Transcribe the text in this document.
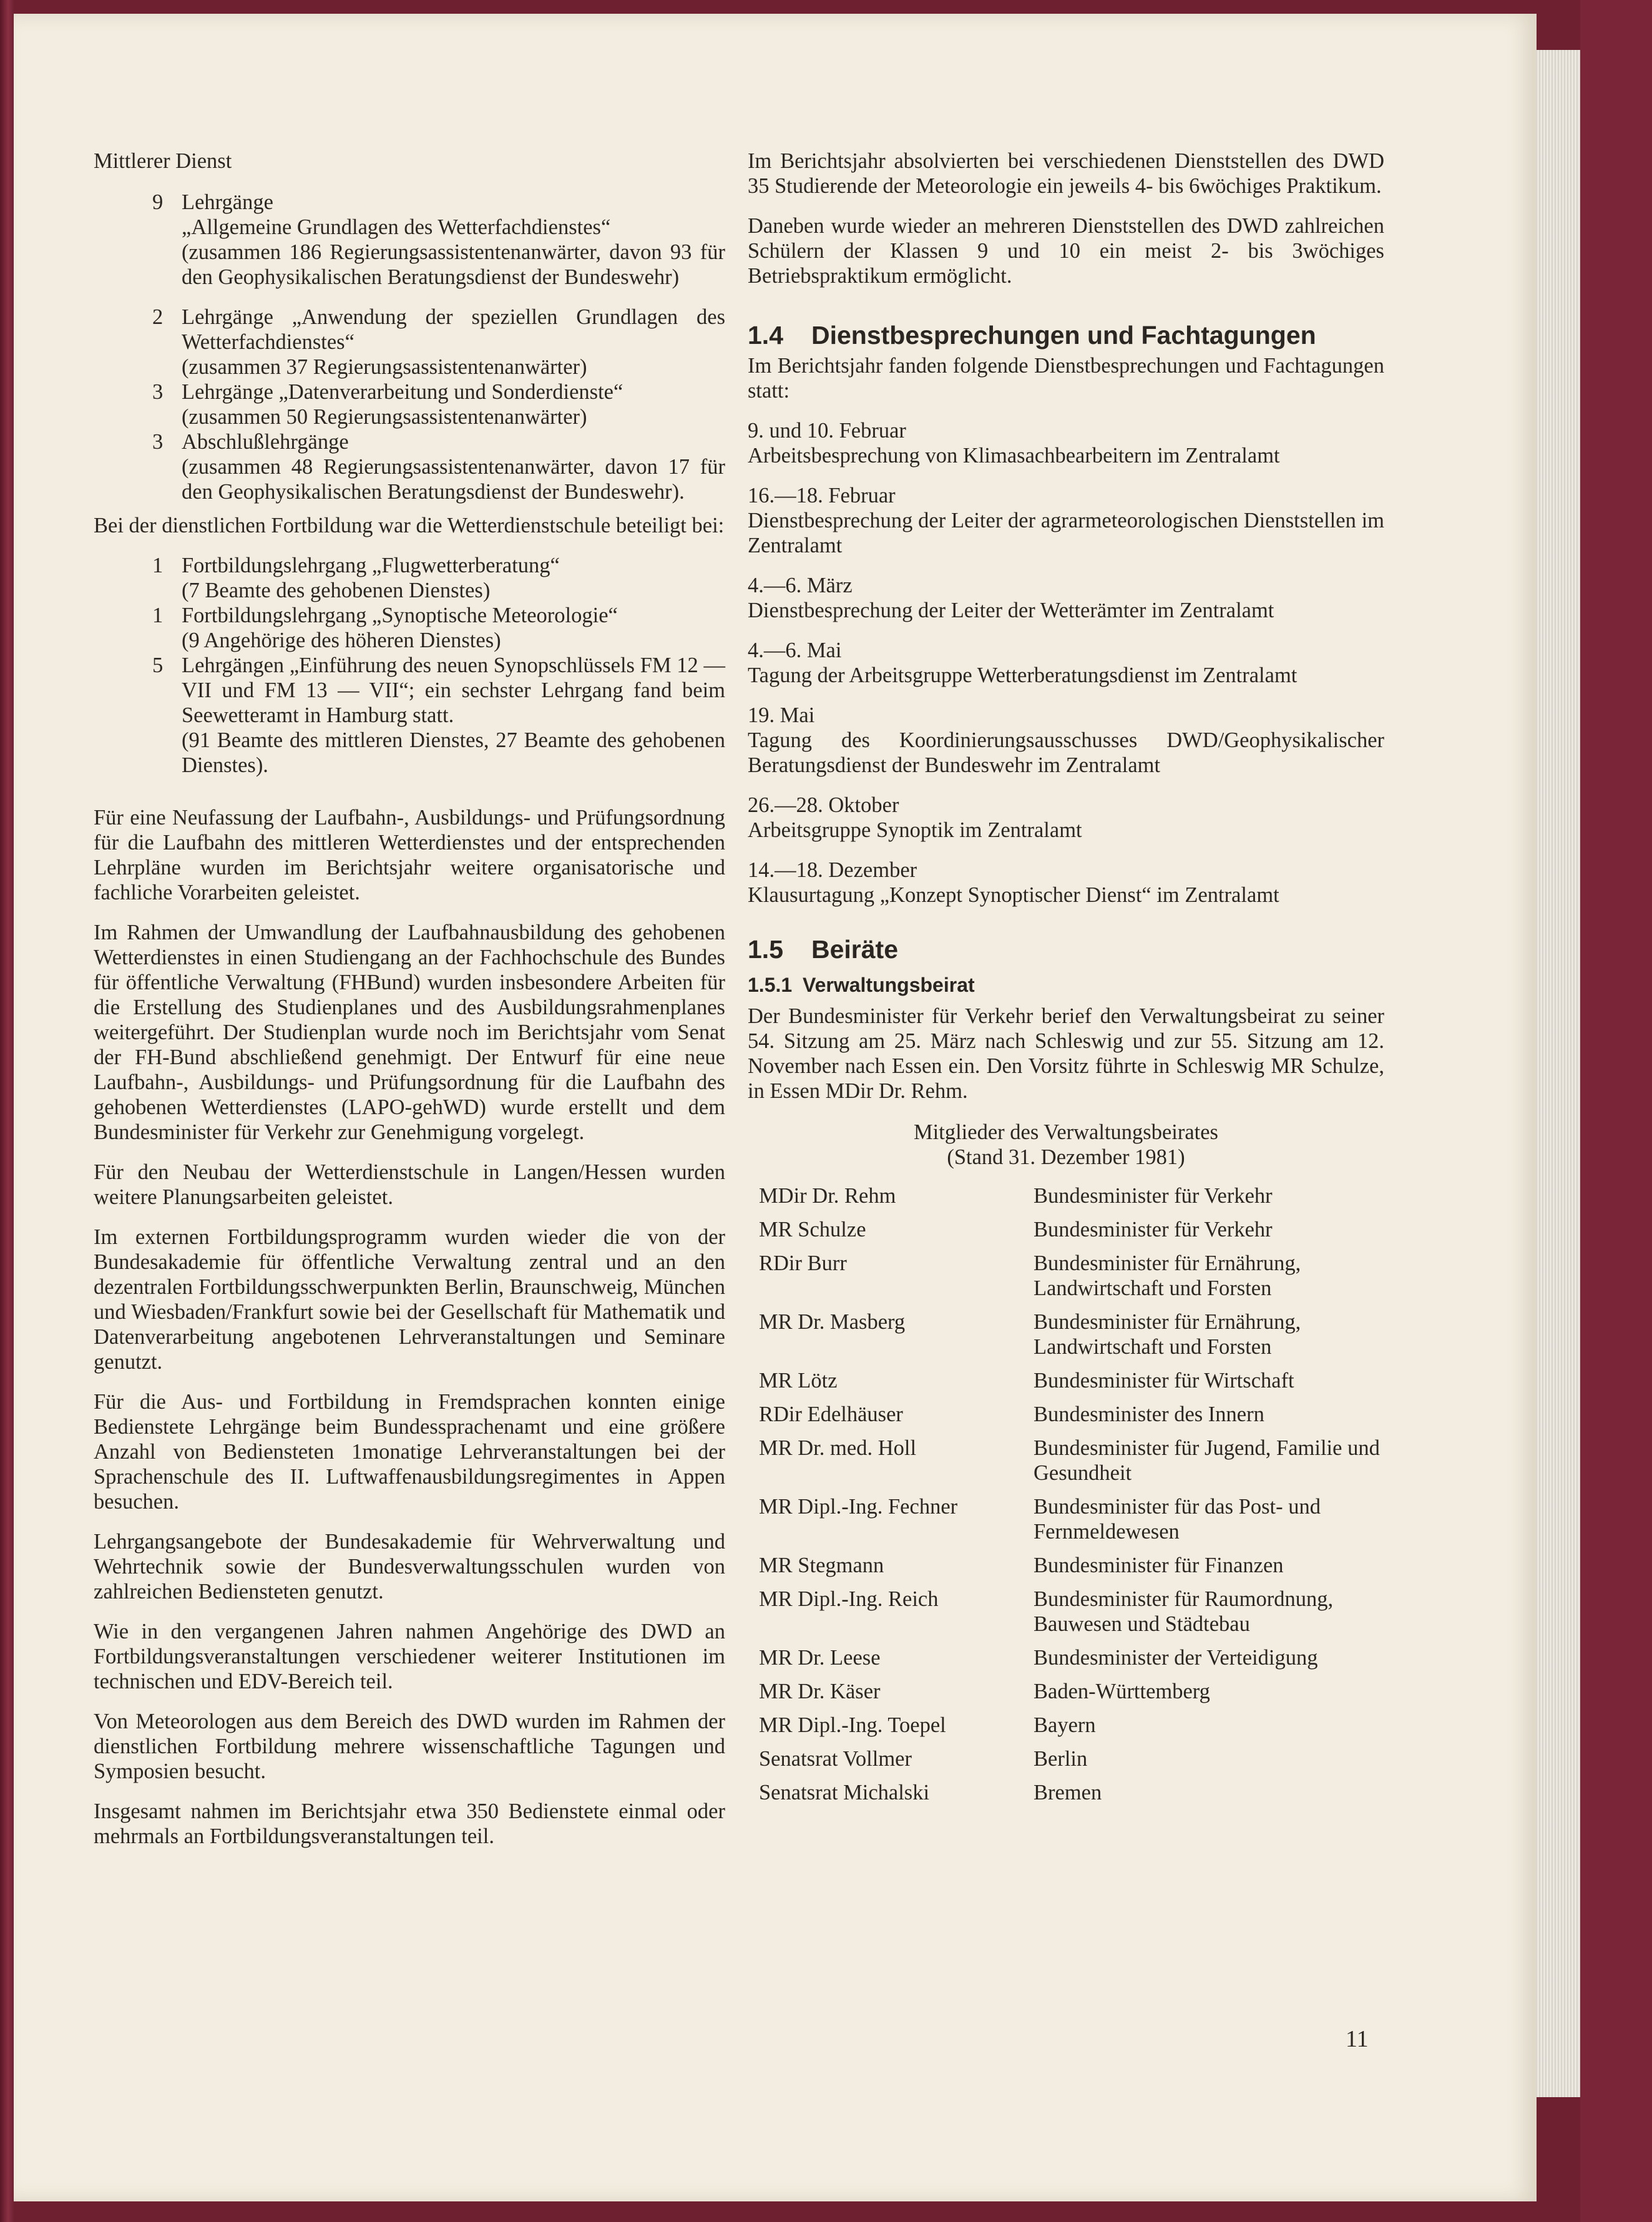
Mittlerer Dienst

9 Lehrgänge

„Allgemeine Grundlagen des Wetterfachdienstes“

(zusammen 186 Regierungsassistentenanwärter, davon 93 für den Geophysikalischen Beratungsdienst der Bundeswehr)

2 Lehrgänge „Anwendung der speziellen Grundlagen des Wetterfachdienstes“

(zusammen 37 Regierungsassistentenanwärter)

3 Lehrgänge „Datenverarbeitung und Sonderdienste“

(zusammen 50 Regierungsassistentenanwärter)

3 Abschlußlehrgänge

(zusammen 48 Regierungsassistentenanwärter, davon 17 für den Geophysikalischen Beratungsdienst der Bundeswehr).

Bei der dienstlichen Fortbildung war die Wetterdienstschule beteiligt bei:

1 Fortbildungslehrgang „Flugwetterberatung“

(7 Beamte des gehobenen Dienstes)

1 Fortbildungslehrgang „Synoptische Meteorologie“

(9 Angehörige des höheren Dienstes)

5 Lehrgängen „Einführung des neuen Synopschlüssels FM 12 — VII und FM 13 — VII“; ein sechster Lehrgang fand beim Seewetteramt in Hamburg statt.

(91 Beamte des mittleren Dienstes, 27 Beamte des gehobenen Dienstes).

Für eine Neufassung der Laufbahn-, Ausbildungs- und Prüfungsordnung für die Laufbahn des mittleren Wetterdienstes und der entsprechenden Lehrpläne wurden im Berichtsjahr weitere organisatorische und fachliche Vorarbeiten geleistet.

Im Rahmen der Umwandlung der Laufbahnausbildung des gehobenen Wetterdienstes in einen Studiengang an der Fachhochschule des Bundes für öffentliche Verwaltung (FHBund) wurden insbesondere Arbeiten für die Erstellung des Studienplanes und des Ausbildungsrahmenplanes weitergeführt. Der Studienplan wurde noch im Berichtsjahr vom Senat der FH-Bund abschließend genehmigt. Der Entwurf für eine neue Laufbahn-, Ausbildungs- und Prüfungsordnung für die Laufbahn des gehobenen Wetterdienstes (LAPO-gehWD) wurde erstellt und dem Bundesminister für Verkehr zur Genehmigung vorgelegt.

Für den Neubau der Wetterdienstschule in Langen/Hessen wurden weitere Planungsarbeiten geleistet.

Im externen Fortbildungsprogramm wurden wieder die von der Bundesakademie für öffentliche Verwaltung zentral und an den dezentralen Fortbildungsschwerpunkten Berlin, Braunschweig, München und Wiesbaden/Frankfurt sowie bei der Gesellschaft für Mathematik und Datenverarbeitung angebotenen Lehrveranstaltungen und Seminare genutzt.

Für die Aus- und Fortbildung in Fremdsprachen konnten einige Bedienstete Lehrgänge beim Bundessprachenamt und eine größere Anzahl von Bediensteten 1monatige Lehrveranstaltungen bei der Sprachenschule des II. Luftwaffenausbildungsregimentes in Appen besuchen.

Lehrgangsangebote der Bundesakademie für Wehrverwaltung und Wehrtechnik sowie der Bundesverwaltungsschulen wurden von zahlreichen Bediensteten genutzt.

Wie in den vergangenen Jahren nahmen Angehörige des DWD an Fortbildungsveranstaltungen verschiedener weiterer Institutionen im technischen und EDV-Bereich teil.

Von Meteorologen aus dem Bereich des DWD wurden im Rahmen der dienstlichen Fortbildung mehrere wissenschaftliche Tagungen und Symposien besucht.

Insgesamt nahmen im Berichtsjahr etwa 350 Bedienstete einmal oder mehrmals an Fortbildungsveranstaltungen teil.

Im Berichtsjahr absolvierten bei verschiedenen Dienststellen des DWD 35 Studierende der Meteorologie ein jeweils 4- bis 6wöchiges Praktikum.

Daneben wurde wieder an mehreren Dienststellen des DWD zahlreichen Schülern der Klassen 9 und 10 ein meist 2- bis 3wöchiges Betriebspraktikum ermöglicht.

1.4 Dienstbesprechungen und Fachtagungen

Im Berichtsjahr fanden folgende Dienstbesprechungen und Fachtagungen statt:

9. und 10. Februar

Arbeitsbesprechung von Klimasachbearbeitern im Zentralamt

16.—18. Februar

Dienstbesprechung der Leiter der agrarmeteorologischen Dienststellen im Zentralamt

4.—6. März

Dienstbesprechung der Leiter der Wetterämter im Zentralamt

4.—6. Mai

Tagung der Arbeitsgruppe Wetterberatungsdienst im Zentralamt

19. Mai

Tagung des Koordinierungsausschusses DWD/Geophysikalischer Beratungsdienst der Bundeswehr im Zentralamt

26.—28. Oktober

Arbeitsgruppe Synoptik im Zentralamt

14.—18. Dezember

Klausurtagung „Konzept Synoptischer Dienst“ im Zentralamt

1.5 Beiräte
1.5.1 Verwaltungsbeirat

Der Bundesminister für Verkehr berief den Verwaltungsbeirat zu seiner 54. Sitzung am 25. März nach Schleswig und zur 55. Sitzung am 12. November nach Essen ein. Den Vorsitz führte in Schleswig MR Schulze, in Essen MDir Dr. Rehm.

Mitglieder des Verwaltungsbeirates

(Stand 31. Dezember 1981)

MDir Dr. Rehm	Bundesminister für Verkehr
MR Schulze	Bundesminister für Verkehr
RDir Burr	Bundesminister für Ernährung, Landwirtschaft und Forsten
MR Dr. Masberg	Bundesminister für Ernährung, Landwirtschaft und Forsten
MR Lötz	Bundesminister für Wirtschaft
RDir Edelhäuser	Bundesminister des Innern
MR Dr. med. Holl	Bundesminister für Jugend, Familie und Gesundheit
MR Dipl.-Ing. Fechner	Bundesminister für das Post- und Fernmeldewesen
MR Stegmann	Bundesminister für Finanzen
MR Dipl.-Ing. Reich	Bundesminister für Raumordnung, Bauwesen und Städtebau
MR Dr. Leese	Bundesminister der Verteidigung
MR Dr. Käser	Baden-Württemberg
MR Dipl.-Ing. Toepel	Bayern
Senatsrat Vollmer	Berlin
Senatsrat Michalski	Bremen
11
